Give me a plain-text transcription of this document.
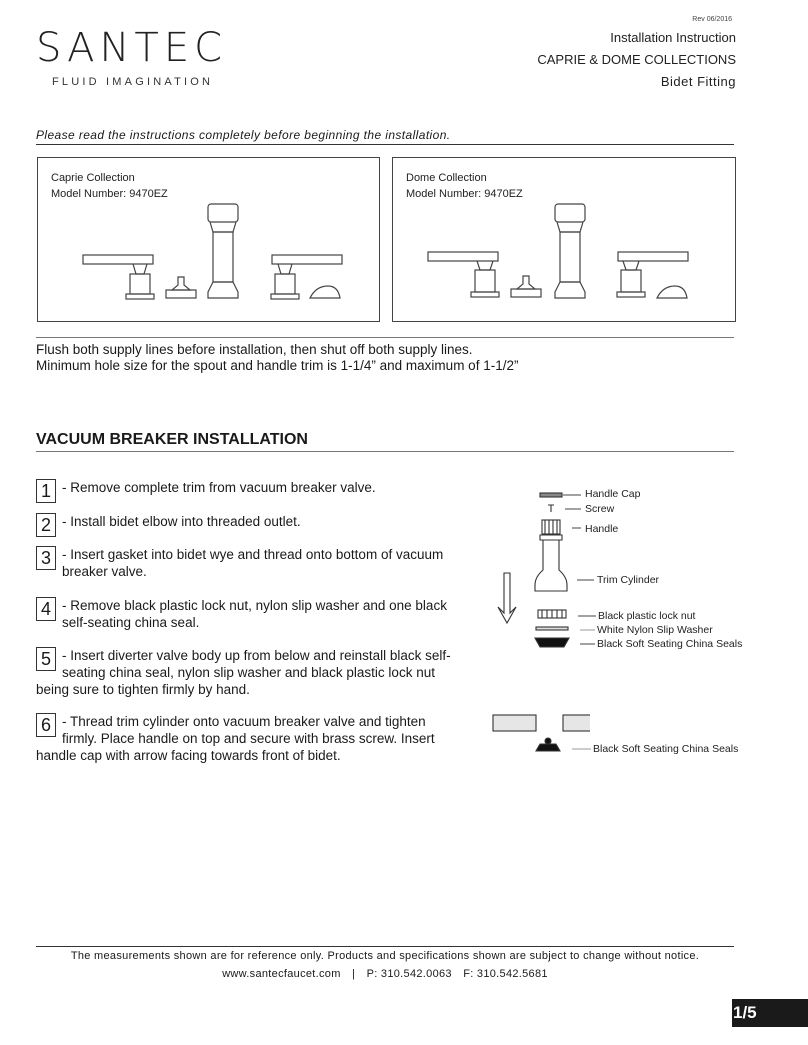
SANTEC
FLUID IMAGINATION
Rev 06/2016
Installation Instruction
CAPRIE & DOME COLLECTIONS
Bidet Fitting
Please read the instructions completely before beginning the installation.
Caprie Collection
Model Number: 9470EZ
Dome Collection
Model Number: 9470EZ
Flush both supply lines before installation, then shut off both supply lines.
Minimum hole size for the spout and handle trim is 1-1/4” and maximum of 1-1/2”
VACUUM BREAKER INSTALLATION
1 - Remove complete trim from vacuum breaker valve.
2 - Install bidet elbow into threaded outlet.
3 - Insert gasket into bidet wye and thread onto bottom of vacuum breaker valve.
4 - Remove black plastic lock nut, nylon slip washer and one black self-seating china seal.
5 - Insert diverter valve body up from below and reinstall black self-seating china seal, nylon slip washer and black plastic lock nut being sure to tighten firmly by hand.
6 - Thread trim cylinder onto vacuum breaker valve and tighten firmly. Place handle on top and secure with brass screw. Insert handle cap with arrow facing towards front of bidet.
Handle Cap
Screw
Handle
Trim Cylinder
Black plastic lock nut
White Nylon Slip Washer
Black Soft Seating China Seals
Black Soft Seating China Seals
The measurements shown are for reference only. Products and specifications shown are subject to change without notice.
www.santecfaucet.com | P: 310.542.0063 F: 310.542.5681
1/5
